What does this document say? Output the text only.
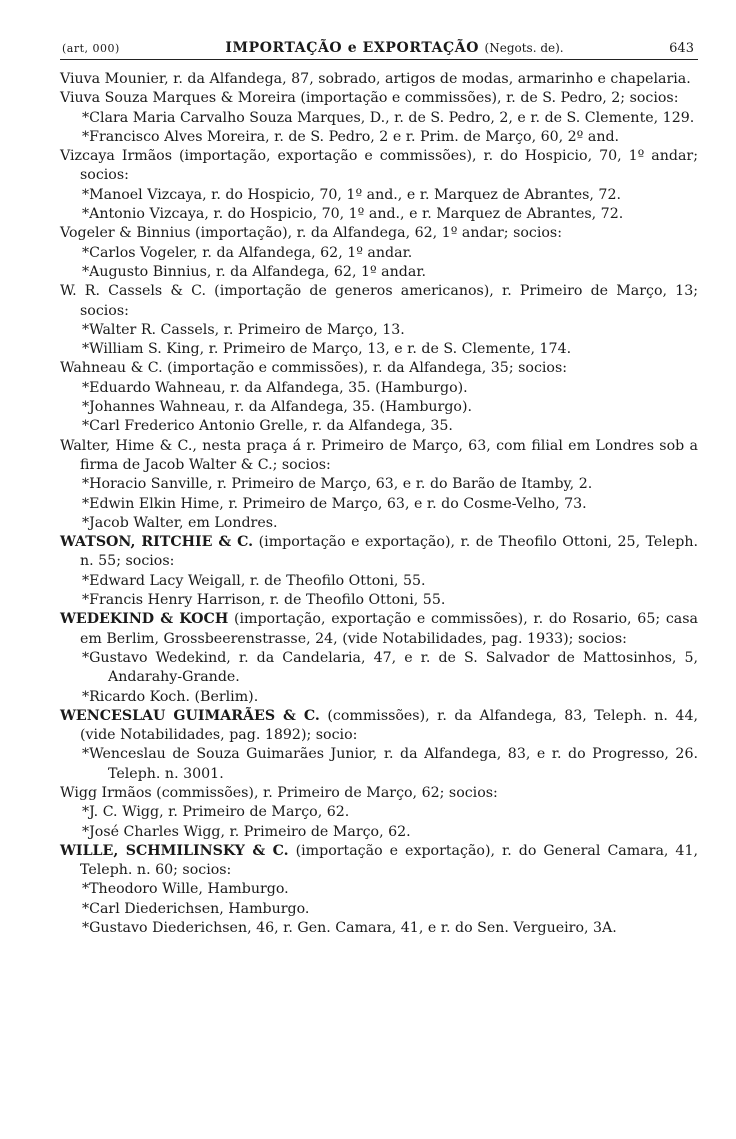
(art, 000)	IMPORTAÇÃO e EXPORTAÇÃO (Negots. de).	643
Viuva Mounier, r. da Alfandega, 87, sobrado, artigos de modas, armarinho e chapelaria.
Viuva Souza Marques & Moreira (importação e commissões), r. de S. Pedro, 2; socios:
*Clara Maria Carvalho Souza Marques, D., r. de S. Pedro, 2, e r. de S. Clemente, 129.
*Francisco Alves Moreira, r. de S. Pedro, 2 e r. Prim. de Março, 60, 2º and.
Vizcaya Irmãos (importação, exportação e commissões), r. do Hospicio, 70, 1º andar; socios:
*Manoel Vizcaya, r. do Hospicio, 70, 1º and., e r. Marquez de Abrantes, 72.
*Antonio Vizcaya, r. do Hospicio, 70, 1º and., e r. Marquez de Abrantes, 72.
Vogeler & Binnius (importação), r. da Alfandega, 62, 1º andar; socios:
*Carlos Vogeler, r. da Alfandega, 62, 1º andar.
*Augusto Binnius, r. da Alfandega, 62, 1º andar.
W. R. Cassels & C. (importação de generos americanos), r. Primeiro de Março, 13; socios:
*Walter R. Cassels, r. Primeiro de Março, 13.
*William S. King, r. Primeiro de Março, 13, e r. de S. Clemente, 174.
Wahneau & C. (importação e commissões), r. da Alfandega, 35; socios:
*Eduardo Wahneau, r. da Alfandega, 35. (Hamburgo).
*Johannes Wahneau, r. da Alfandega, 35. (Hamburgo).
*Carl Frederico Antonio Grelle, r. da Alfandega, 35.
Walter, Hime & C., nesta praça á r. Primeiro de Março, 63, com filial em Londres sob a firma de Jacob Walter & C.; socios:
*Horacio Sanville, r. Primeiro de Março, 63, e r. do Barão de Itamby, 2.
*Edwin Elkin Hime, r. Primeiro de Março, 63, e r. do Cosme-Velho, 73.
*Jacob Walter, em Londres.
WATSON, RITCHIE & C. (importação e exportação), r. de Theofilo Ottoni, 25, Teleph. n. 55; socios:
*Edward Lacy Weigall, r. de Theofilo Ottoni, 55.
*Francis Henry Harrison, r. de Theofilo Ottoni, 55.
WEDEKIND & KOCH (importação, exportação e commissões), r. do Rosario, 65; casa em Berlim, Grossbeerenstrasse, 24, (vide Notabilidades, pag. 1933); socios:
*Gustavo Wedekind, r. da Candelaria, 47, e r. de S. Salvador de Mattosinhos, 5, Andarahy-Grande.
*Ricardo Koch. (Berlim).
WENCESLAU GUIMARÃES & C. (commissões), r. da Alfandega, 83, Teleph. n. 44, (vide Notabilidades, pag. 1892); socio:
*Wenceslau de Souza Guimarães Junior, r. da Alfandega, 83, e r. do Progresso, 26. Teleph. n. 3001.
Wigg Irmãos (commissões), r. Primeiro de Março, 62; socios:
*J. C. Wigg, r. Primeiro de Março, 62.
*José Charles Wigg, r. Primeiro de Março, 62.
WILLE, SCHMILINSKY & C. (importação e exportação), r. do General Camara, 41, Teleph. n. 60; socios:
*Theodoro Wille, Hamburgo.
*Carl Diederichsen, Hamburgo.
*Gustavo Diederichsen, 46, r. Gen. Camara, 41, e r. do Sen. Vergueiro, 3A.
